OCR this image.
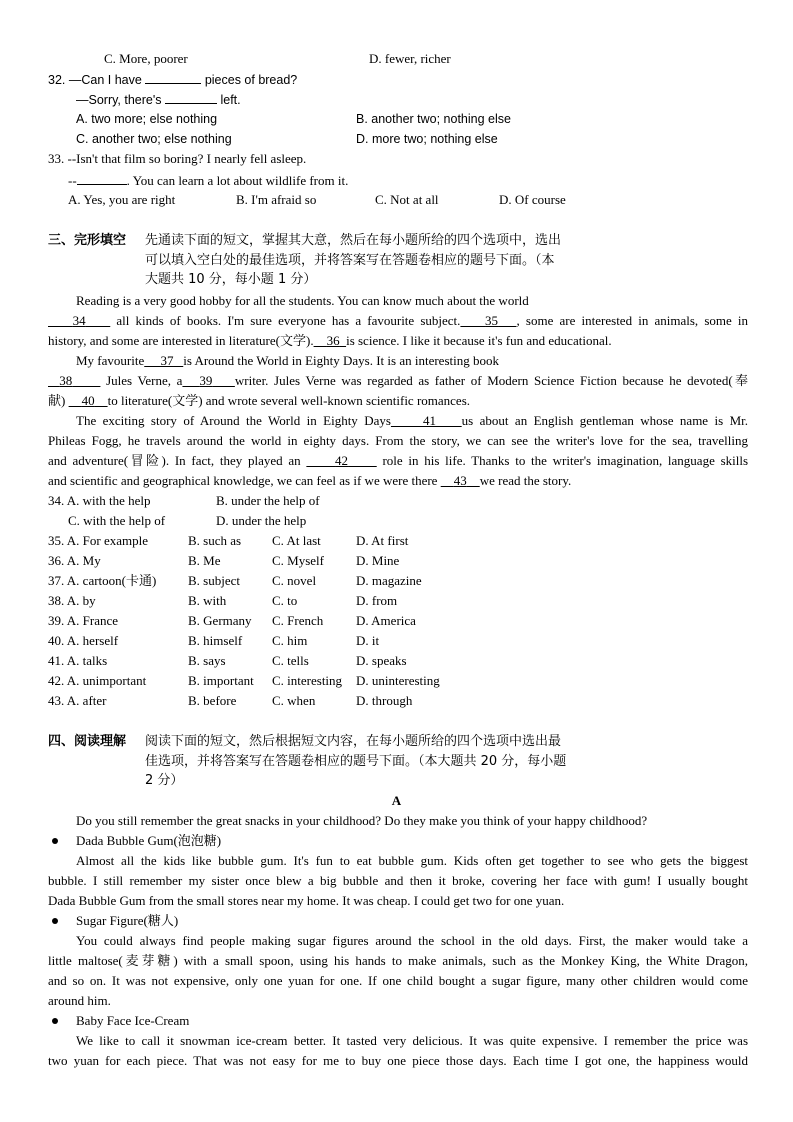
C. More, poorer	D. fewer, richer
32. —Can I have	pieces of bread?
—Sorry, there's	left.
A. two more; else nothing	B. another two; nothing else
C. another two; else nothing	D. more two; nothing else
33. --Isn't that film so boring? I nearly fell asleep.
--	. You can learn a lot about wildlife from it.
A. Yes, you are right	B. I'm afraid so	C. Not at all	D. Of course
三、完形填空 先通读下面的短文，掌握其大意，然后在每小题所给的四个选项中，选出
可以填入空白处的最佳选项，并将答案写在答题卷相应的题号下面。（本
大题共 10 分，每小题 1 分）
Reading is a very good hobby for all the students. You can know much about the world
34 all kinds of books. I'm sure everyone has a favourite subject. 35 , some are interested in animals, some in
history, and some are interested in literature(文学). 36 is science. I like it because it's fun and educational.
My favourite 37 is Around the World in Eighty Days. It is an interesting book
38	Jules Verne, a 39 writer. Jules Verne was regarded as father of Modern Science Fiction because he devoted(奉
献) 40 to literature(文学) and wrote several well-known scientific romances.
The exciting story of Around the World in Eighty Days 41 us about an English gentleman whose name is Mr.
Phileas Fogg, he travels around the world in eighty days. From the story, we can see the writer's love for the sea, travelling
and adventure(冒险). In fact, they played an	42	role in his life. Thanks to the writer's imagination, language skills
and scientific and geographical knowledge, we can feel as if we were there 43 we read the story.
34. A. with the help	B. under the help of
C. with the help of	D. under the help
35. A. For example	B. such as C. At last	D. At first
36. A. My	B. Me	C. Myself D. Mine
37. A. cartoon(卡通) B. subject C. novel	D. magazine
38. A. by	B. with	C. to	D. from
39. A. France	B. Germany C. French	D. America
40. A. herself	B. himself C. him	D. it
41. A. talks	B. says	C. tells	D. speaks
42. A. unimportant	B. important C. interesting D. uninteresting
43. A. after	B. before	C. when	D. through
四、阅读理解 阅读下面的短文，然后根据短文内容，在每小题所给的四个选项中选出最
佳选项，并将答案写在答题卷相应的题号下面。（本大题共 20 分，每小题
2 分）
A
Do you still remember the great snacks in your childhood? Do they make you think of your happy childhood?
Dada Bubble Gum(泡泡糖)
Almost all the kids like bubble gum. It's fun to eat bubble gum. Kids often get together to see who gets the biggest
bubble. I still remember my sister once blew a big bubble and then it broke, covering her face with gum! I usually bought
Dada Bubble Gum from the small stores near my home. It was cheap. I could get two for one yuan.
Sugar Figure(糖人)
You could always find people making sugar figures around the school in the old days. First, the maker would take a
little maltose(麦芽糖) with a small spoon, using his hands to make animals, such as the Monkey King, the White Dragon,
and so on. It was not expensive, only one yuan for one. If one child bought a sugar figure, many other children would come
around him.
Baby Face Ice-Cream
We like to call it snowman ice-cream better. It tasted very delicious. It was quite expensive. I remember the price was
two yuan for each piece. That was not easy for me to buy one piece those days. Each time I got one, the happiness would
